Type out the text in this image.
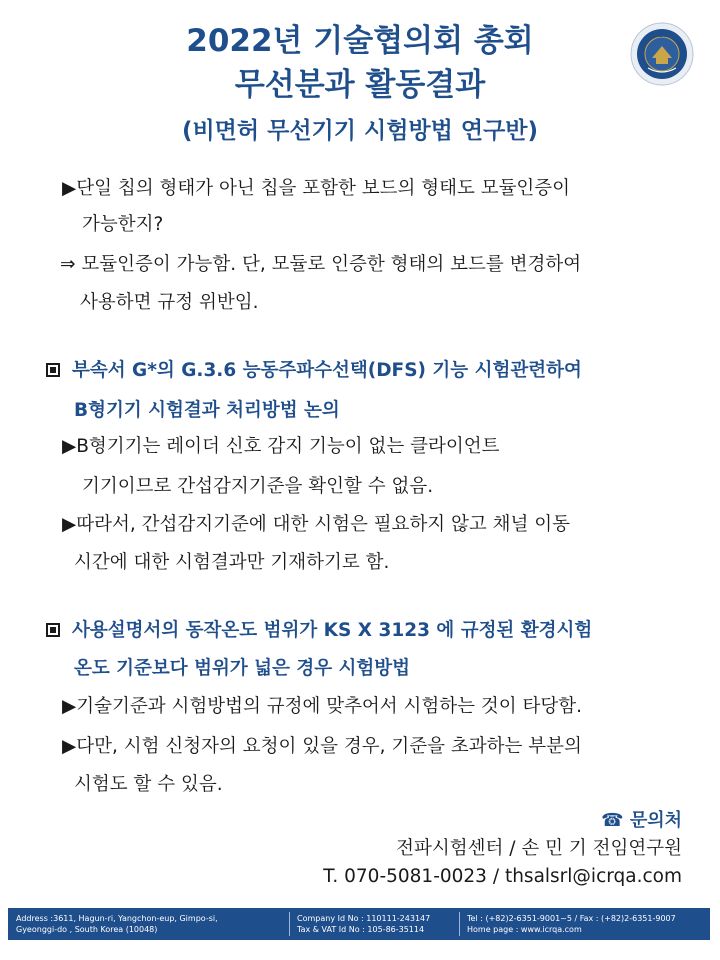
2022년 기술협의회 총회
무선분과 활동결과
(비면허 무선기기 시험방법 연구반)
ICR
▶단일 칩의 형태가 아닌 칩을 포함한 보드의 형태도 모듈인증이
가능한지?
⇒ 모듈인증이 가능함. 단, 모듈로 인증한 형태의 보드를 변경하여
사용하면 규정 위반임.
부속서 G*의 G.3.6 능동주파수선택(DFS) 기능 시험관련하여
B형기기 시험결과 처리방법 논의
▶B형기기는 레이더 신호 감지 기능이 없는 클라이언트
기기이므로 간섭감지기준을 확인할 수 없음.
▶따라서, 간섭감지기준에 대한 시험은 필요하지 않고 채널 이동
시간에 대한 시험결과만 기재하기로 함.
사용설명서의 동작온도 범위가 KS X 3123 에 규정된 환경시험
온도 기준보다 범위가 넓은 경우 시험방법
▶기술기준과 시험방법의 규정에 맞추어서 시험하는 것이 타당함.
▶다만, 시험 신청자의 요청이 있을 경우, 기준을 초과하는 부분의
시험도 할 수 있음.
☎ 문의처
전파시험센터 / 손 민 기 전임연구원
T. 070-5081-0023 / thsalsrl@icrqa.com
Address :3611, Hagun-ri, Yangchon-eup, Gimpo-si,
Gyeonggi-do , South Korea (10048)
Company Id No : 110111-243147
Tax & VAT Id No : 105-86-35114
Tel : (+82)2-6351-9001~5 / Fax : (+82)2-6351-9007
Home page : www.icrqa.com
